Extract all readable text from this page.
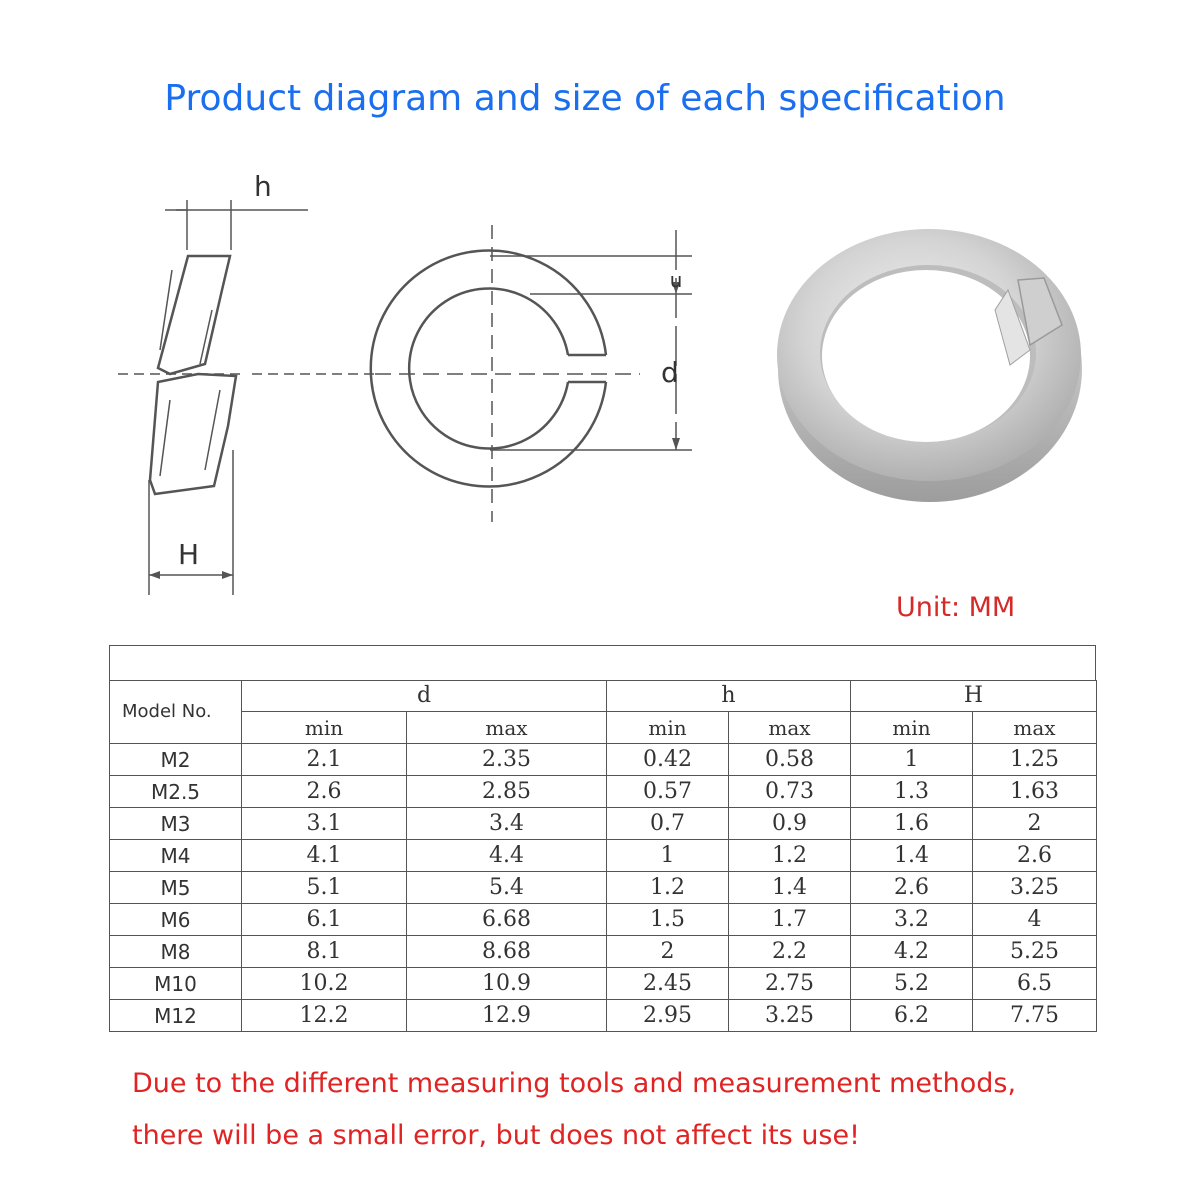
Product diagram and size of each specification
h
H
n
d
Unit: MM
Model No.	d		h		H	
	min	max	min	max	min	max
M2	2.1	2.35	0.42	0.58	1	1.25
M2.5	2.6	2.85	0.57	0.73	1.3	1.63
M3	3.1	3.4	0.7	0.9	1.6	2
M4	4.1	4.4	1	1.2	1.4	2.6
M5	5.1	5.4	1.2	1.4	2.6	3.25
M6	6.1	6.68	1.5	1.7	3.2	4
M8	8.1	8.68	2	2.2	4.2	5.25
M10	10.2	10.9	2.45	2.75	5.2	6.5
M12	12.2	12.9	2.95	3.25	6.2	7.75
Due to the different measuring tools and measurement methods,
there will be a small error, but does not affect its use!
